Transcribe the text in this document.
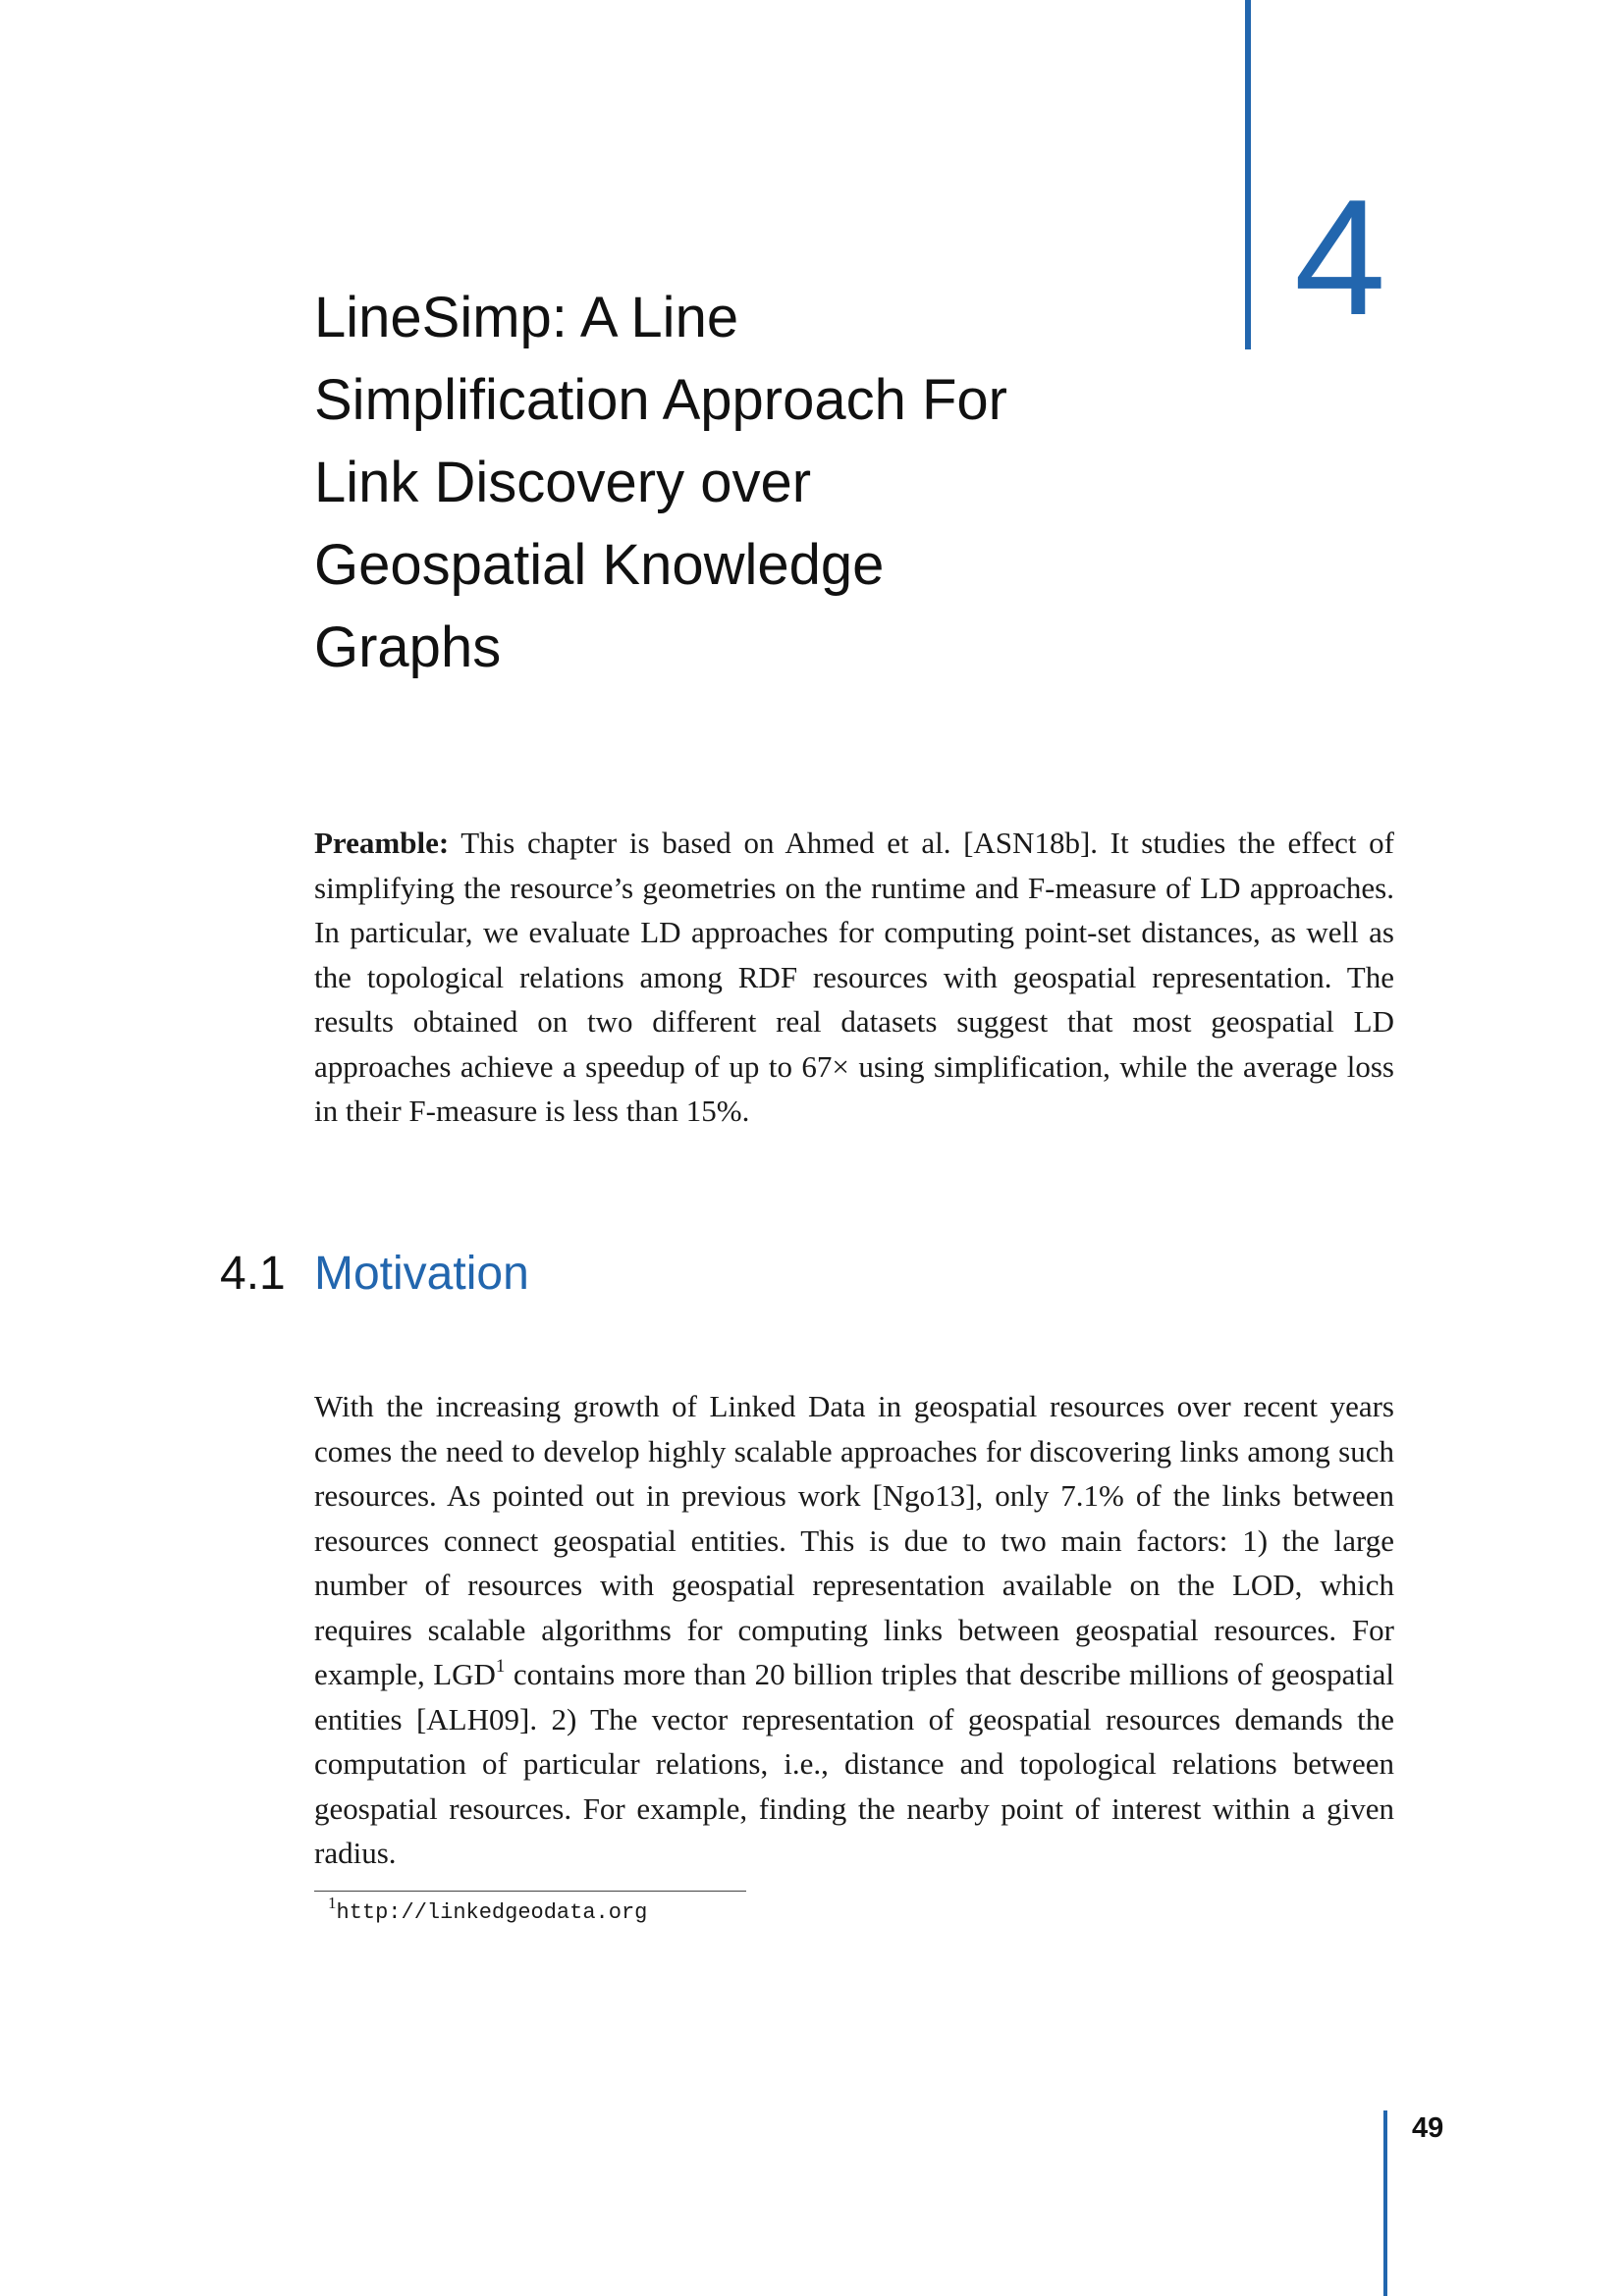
4
LineSimp: A Line
Simplification Approach For
Link Discovery over
Geospatial Knowledge
Graphs

Preamble: This chapter is based on Ahmed et al. [ASN18b]. It studies the effect of simplifying the resource’s geometries on the runtime and F-measure of LD approaches. In particular, we evaluate LD approaches for computing point-set distances, as well as the topological relations among RDF resources with geospatial representation. The results obtained on two different real datasets suggest that most geospatial LD approaches achieve a speedup of up to 67× using simplification, while the average loss in their F-measure is less than 15%.

4.1 Motivation

With the increasing growth of Linked Data in geospatial resources over recent years comes the need to develop highly scalable approaches for discovering links among such resources. As pointed out in previous work [Ngo13], only 7.1% of the links between resources connect geospatial entities. This is due to two main factors: 1) the large number of resources with geospatial representation available on the LOD, which requires scalable algorithms for computing links between geospatial resources. For example, LGD$^1$ contains more than 20 billion triples that describe millions of geospatial entities [ALH09]. 2) The vector representation of geospatial resources demands the computation of particular relations, i.e., distance and topological relations between geospatial resources. For example, finding the nearby point of interest within a given radius.

$^1$http://linkedgeodata.org
49
